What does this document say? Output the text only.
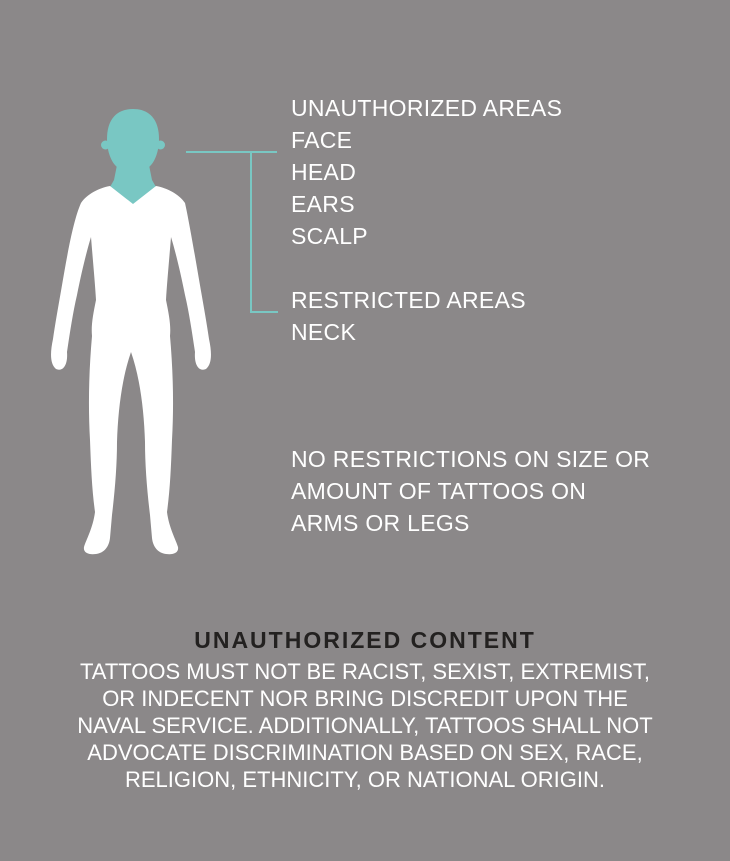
UNAUTHORIZED AREAS
FACE
HEAD
EARS
SCALP
RESTRICTED AREAS
NECK
NO RESTRICTIONS ON SIZE OR
AMOUNT OF TATTOOS ON
ARMS OR LEGS
UNAUTHORIZED CONTENT
TATTOOS MUST NOT BE RACIST, SEXIST, EXTREMIST,
OR INDECENT NOR BRING DISCREDIT UPON THE
NAVAL SERVICE. ADDITIONALLY, TATTOOS SHALL NOT
ADVOCATE DISCRIMINATION BASED ON SEX, RACE,
RELIGION, ETHNICITY, OR NATIONAL ORIGIN.
